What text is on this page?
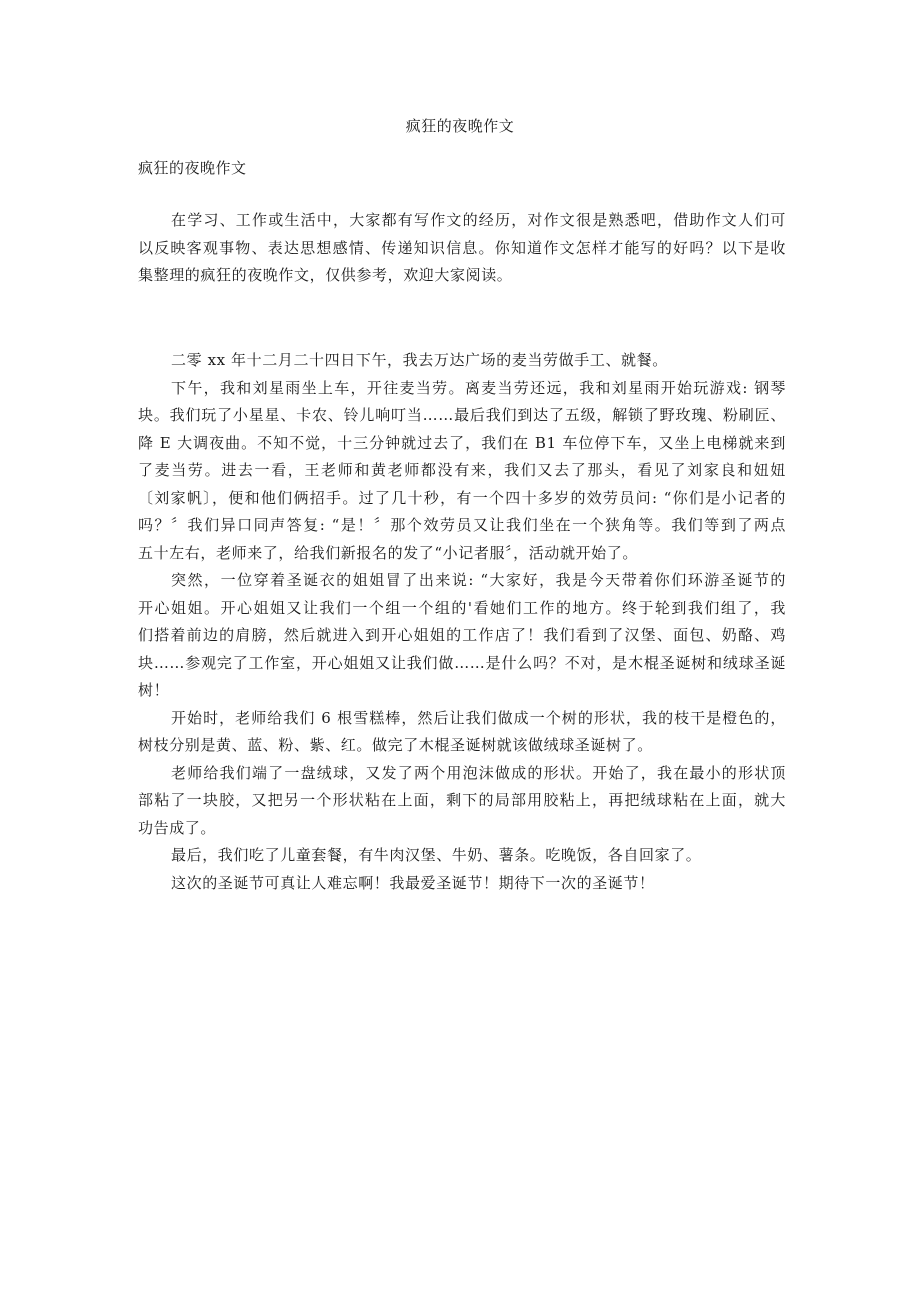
疯狂的夜晚作文
疯狂的夜晚作文
在学习、工作或生活中，大家都有写作文的经历，对作文很是熟悉吧，借助作文人们可
以反映客观事物、表达思想感情、传递知识信息。你知道作文怎样才能写的好吗？以下是收
集整理的疯狂的夜晚作文，仅供参考，欢迎大家阅读。
二零 xx 年十二月二十四日下午，我去万达广场的麦当劳做手工、就餐。
下午，我和刘星雨坐上车，开往麦当劳。离麦当劳还远，我和刘星雨开始玩游戏: 钢琴
块。我们玩了小星星、卡农、铃儿响叮当……最后我们到达了五级，解锁了野玫瑰、粉刷匠、
降 E 大调夜曲。不知不觉，十三分钟就过去了，我们在 B1 车位停下车，又坐上电梯就来到
了麦当劳。进去一看，王老师和黄老师都没有来，我们又去了那头，看见了刘家良和妞妞
〔刘家帆〕，便和他们俩招手。过了几十秒，有一个四十多岁的效劳员问: “你们是小记者的
吗？〞我们异口同声答复: “是！〞那个效劳员又让我们坐在一个狭角等。我们等到了两点
五十左右，老师来了，给我们新报名的发了“小记者服〞，活动就开始了。
突然，一位穿着圣诞衣的姐姐冒了出来说: “大家好，我是今天带着你们环游圣诞节的
开心姐姐。开心姐姐又让我们一个组一个组的'看她们工作的地方。终于轮到我们组了，我
们搭着前边的肩膀，然后就进入到开心姐姐的工作店了！我们看到了汉堡、面包、奶酪、鸡
块……参观完了工作室，开心姐姐又让我们做……是什么吗？不对，是木棍圣诞树和绒球圣诞
树！
开始时，老师给我们 6 根雪糕棒，然后让我们做成一个树的形状，我的枝干是橙色的，
树枝分别是黄、蓝、粉、紫、红。做完了木棍圣诞树就该做绒球圣诞树了。
老师给我们端了一盘绒球，又发了两个用泡沫做成的形状。开始了，我在最小的形状顶
部粘了一块胶，又把另一个形状粘在上面，剩下的局部用胶粘上，再把绒球粘在上面，就大
功告成了。
最后，我们吃了儿童套餐，有牛肉汉堡、牛奶、薯条。吃晚饭，各自回家了。
这次的圣诞节可真让人难忘啊！我最爱圣诞节！期待下一次的圣诞节！
